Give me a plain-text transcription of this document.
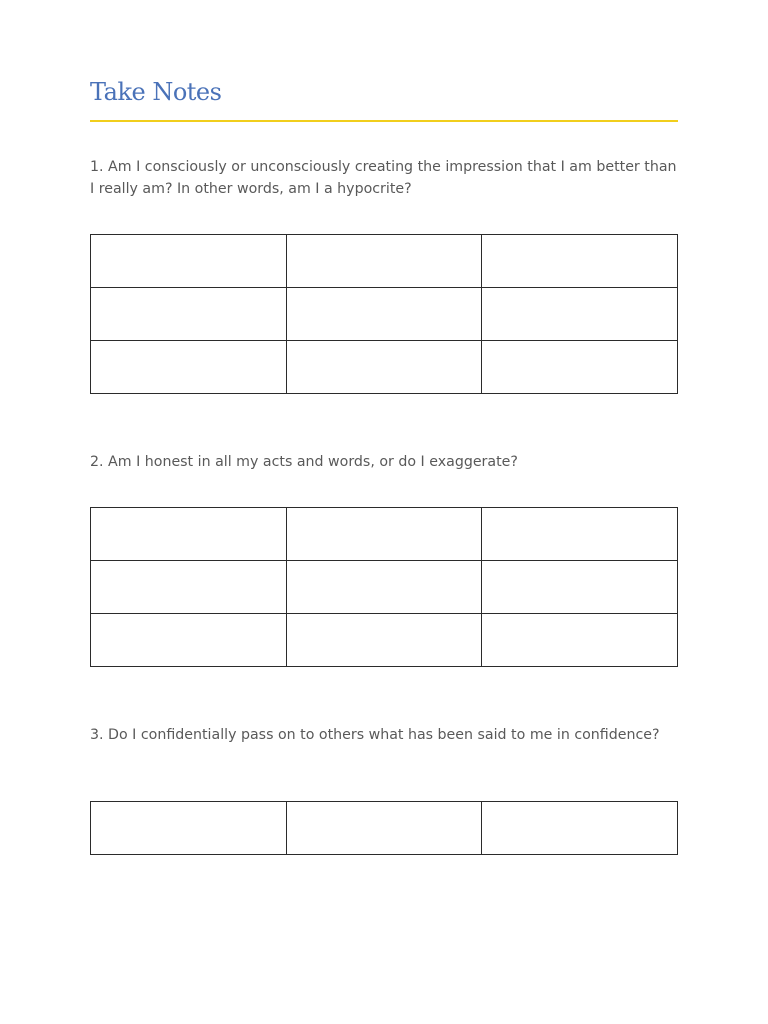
Take Notes

1. Am I consciously or unconsciously creating the impression that I am better than I really am? In other words, am I a hypocrite?

2. Am I honest in all my acts and words, or do I exaggerate?

3. Do I confidentially pass on to others what has been said to me in confidence?
